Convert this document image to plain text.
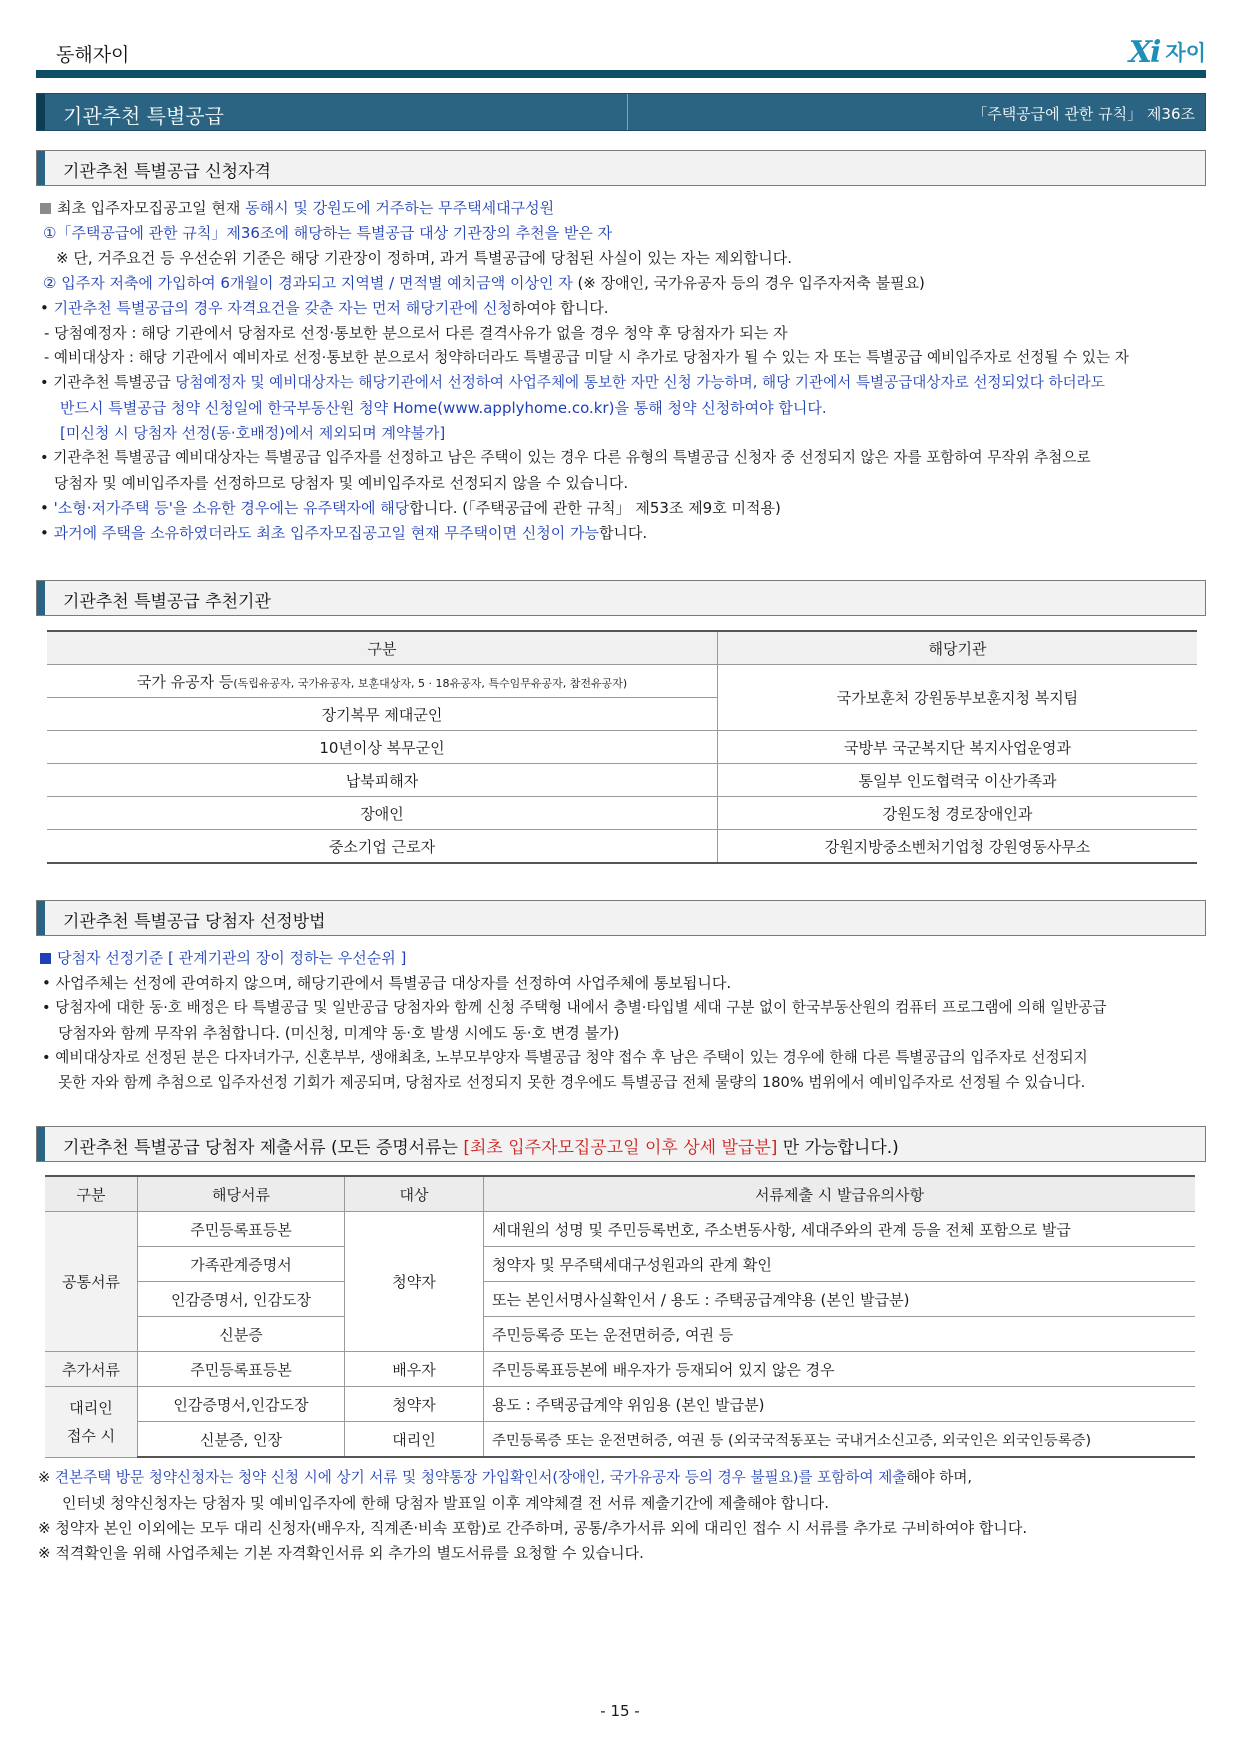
동해자이	Xi 자이
기관추천 특별공급	「주택공급에 관한 규칙」 제36조
기관추천 특별공급 신청자격
최초 입주자모집공고일 현재 동해시 및 강원도에 거주하는 무주택세대구성원
①「주택공급에 관한 규칙」제36조에 해당하는 특별공급 대상 기관장의 추천을 받은 자
※ 단, 거주요건 등 우선순위 기준은 해당 기관장이 정하며, 과거 특별공급에 당첨된 사실이 있는 자는 제외합니다.
② 입주자 저축에 가입하여 6개월이 경과되고 지역별 / 면적별 예치금액 이상인 자 (※ 장애인, 국가유공자 등의 경우 입주자저축 불필요)
• 기관추천 특별공급의 경우 자격요건을 갖춘 자는 먼저 해당기관에 신청하여야 합니다.
- 당첨예정자 : 해당 기관에서 당첨자로 선정·통보한 분으로서 다른 결격사유가 없을 경우 청약 후 당첨자가 되는 자
- 예비대상자 : 해당 기관에서 예비자로 선정·통보한 분으로서 청약하더라도 특별공급 미달 시 추가로 당첨자가 될 수 있는 자 또는 특별공급 예비입주자로 선정될 수 있는 자
• 기관추천 특별공급 당첨예정자 및 예비대상자는 해당기관에서 선정하여 사업주체에 통보한 자만 신청 가능하며, 해당 기관에서 특별공급대상자로 선정되었다 하더라도
반드시 특별공급 청약 신청일에 한국부동산원 청약 Home(www.applyhome.co.kr)을 통해 청약 신청하여야 합니다.
[미신청 시 당첨자 선정(동·호배정)에서 제외되며 계약불가]
• 기관추천 특별공급 예비대상자는 특별공급 입주자를 선정하고 남은 주택이 있는 경우 다른 유형의 특별공급 신청자 중 선정되지 않은 자를 포함하여 무작위 추첨으로
당첨자 및 예비입주자를 선정하므로 당첨자 및 예비입주자로 선정되지 않을 수 있습니다.
• '소형·저가주택 등'을 소유한 경우에는 유주택자에 해당합니다. (「주택공급에 관한 규칙」 제53조 제9호 미적용)
• 과거에 주택을 소유하였더라도 최초 입주자모집공고일 현재 무주택이면 신청이 가능합니다.
기관추천 특별공급 추천기관
구분	해당기관
국가 유공자 등(독립유공자, 국가유공자, 보훈대상자, 5 · 18유공자, 특수임무유공자, 참전유공자)	국가보훈처 강원동부보훈지청 복지팀
장기복무 제대군인	
10년이상 복무군인	국방부 국군복지단 복지사업운영과
납북피해자	통일부 인도협력국 이산가족과
장애인	강원도청 경로장애인과
중소기업 근로자	강원지방중소벤처기업청 강원영동사무소
기관추천 특별공급 당첨자 선정방법
당첨자 선정기준 [ 관계기관의 장이 정하는 우선순위 ]
• 사업주체는 선정에 관여하지 않으며, 해당기관에서 특별공급 대상자를 선정하여 사업주체에 통보됩니다.
• 당첨자에 대한 동·호 배정은 타 특별공급 및 일반공급 당첨자와 함께 신청 주택형 내에서 층별·타입별 세대 구분 없이 한국부동산원의 컴퓨터 프로그램에 의해 일반공급
당첨자와 함께 무작위 추첨합니다. (미신청, 미계약 동·호 발생 시에도 동·호 변경 불가)
• 예비대상자로 선정된 분은 다자녀가구, 신혼부부, 생애최초, 노부모부양자 특별공급 청약 접수 후 남은 주택이 있는 경우에 한해 다른 특별공급의 입주자로 선정되지
못한 자와 함께 추첨으로 입주자선정 기회가 제공되며, 당첨자로 선정되지 못한 경우에도 특별공급 전체 물량의 180% 범위에서 예비입주자로 선정될 수 있습니다.
기관추천 특별공급 당첨자 제출서류 (모든 증명서류는 [최초 입주자모집공고일 이후 상세 발급분] 만 가능합니다.)
구분	해당서류	대상	서류제출 시 발급유의사항
공통서류	주민등록표등본	청약자	세대원의 성명 및 주민등록번호, 주소변동사항, 세대주와의 관계 등을 전체 포함으로 발급
	가족관계증명서		청약자 및 무주택세대구성원과의 관계 확인
	인감증명서, 인감도장		또는 본인서명사실확인서 / 용도 : 주택공급계약용 (본인 발급분)
	신분증		주민등록증 또는 운전면허증, 여권 등
추가서류	주민등록표등본	배우자	주민등록표등본에 배우자가 등재되어 있지 않은 경우
대리인
접수 시	인감증명서,인감도장	청약자	용도 : 주택공급계약 위임용 (본인 발급분)
	신분증, 인장	대리인	주민등록증 또는 운전면허증, 여권 등 (외국국적동포는 국내거소신고증, 외국인은 외국인등록증)
※ 견본주택 방문 청약신청자는 청약 신청 시에 상기 서류 및 청약통장 가입확인서(장애인, 국가유공자 등의 경우 불필요)를 포함하여 제출해야 하며,
인터넷 청약신청자는 당첨자 및 예비입주자에 한해 당첨자 발표일 이후 계약체결 전 서류 제출기간에 제출해야 합니다.
※ 청약자 본인 이외에는 모두 대리 신청자(배우자, 직계존·비속 포함)로 간주하며, 공통/추가서류 외에 대리인 접수 시 서류를 추가로 구비하여야 합니다.
※ 적격확인을 위해 사업주체는 기본 자격확인서류 외 추가의 별도서류를 요청할 수 있습니다.
- 15 -
